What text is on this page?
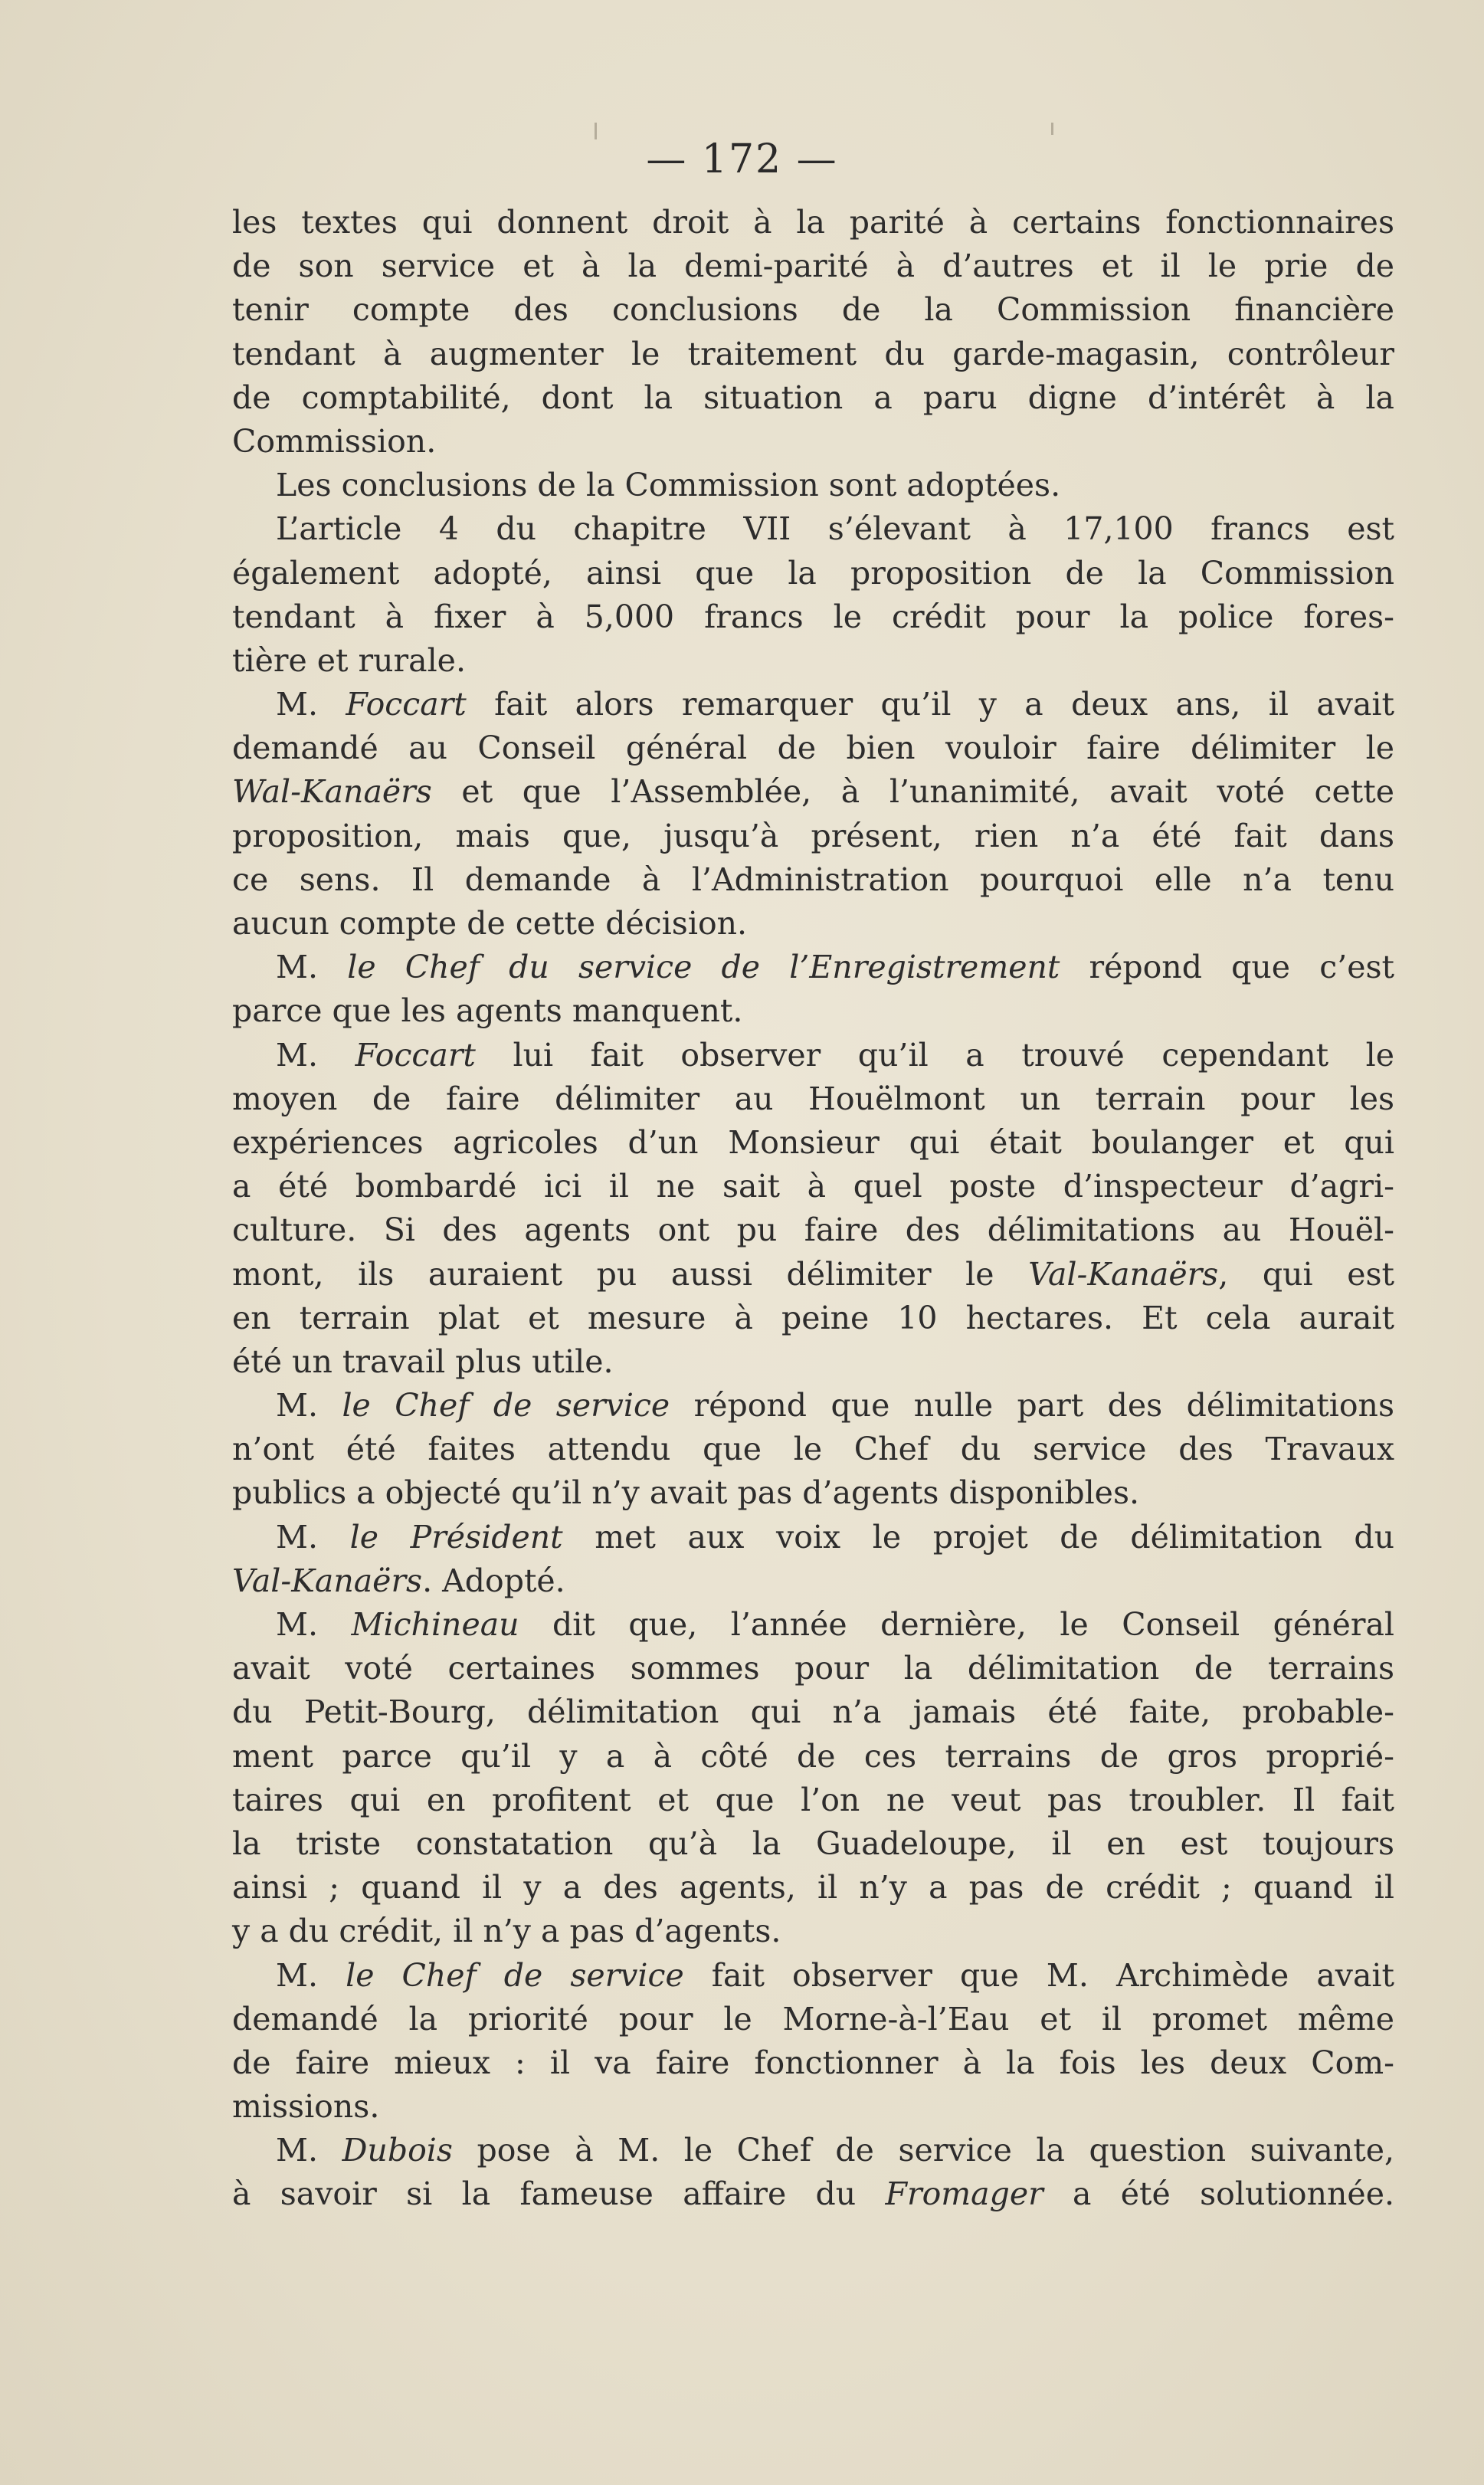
— 172 —
les textes qui donnent droit à la parité à certains fonctionnaires
de son service et à la demi-parité à d’autres et il le prie de
tenir compte des conclusions de la Commission financière
tendant à augmenter le traitement du garde-magasin, contrôleur
de comptabilité, dont la situation a paru digne d’intérêt à la
Commission.
Les conclusions de la Commission sont adoptées.
L’article 4 du chapitre VII s’élevant à 17,100 francs est
également adopté, ainsi que la proposition de la Commission
tendant à fixer à 5,000 francs le crédit pour la police fores-
tière et rurale.
M. Foccart fait alors remarquer qu’il y a deux ans, il avait
demandé au Conseil général de bien vouloir faire délimiter le
Wal-Kanaërs et que l’Assemblée, à l’unanimité, avait voté cette
proposition, mais que, jusqu’à présent, rien n’a été fait dans
ce sens. Il demande à l’Administration pourquoi elle n’a tenu
aucun compte de cette décision.
M. le Chef du service de l’Enregistrement répond que c’est
parce que les agents manquent.
M. Foccart lui fait observer qu’il a trouvé cependant le
moyen de faire délimiter au Houëlmont un terrain pour les
expériences agricoles d’un Monsieur qui était boulanger et qui
a été bombardé ici il ne sait à quel poste d’inspecteur d’agri-
culture. Si des agents ont pu faire des délimitations au Houël-
mont, ils auraient pu aussi délimiter le Val-Kanaërs, qui est
en terrain plat et mesure à peine 10 hectares. Et cela aurait
été un travail plus utile.
M. le Chef de service répond que nulle part des délimitations
n’ont été faites attendu que le Chef du service des Travaux
publics a objecté qu’il n’y avait pas d’agents disponibles.
M. le Président met aux voix le projet de délimitation du
Val-Kanaërs. Adopté.
M. Michineau dit que, l’année dernière, le Conseil général
avait voté certaines sommes pour la délimitation de terrains
du Petit-Bourg, délimitation qui n’a jamais été faite, probable-
ment parce qu’il y a à côté de ces terrains de gros proprié-
taires qui en profitent et que l’on ne veut pas troubler. Il fait
la triste constatation qu’à la Guadeloupe, il en est toujours
ainsi ; quand il y a des agents, il n’y a pas de crédit ; quand il
y a du crédit, il n’y a pas d’agents.
M. le Chef de service fait observer que M. Archimède avait
demandé la priorité pour le Morne-à-l’Eau et il promet même
de faire mieux : il va faire fonctionner à la fois les deux Com-
missions.
M. Dubois pose à M. le Chef de service la question suivante,
à savoir si la fameuse affaire du Fromager a été solutionnée.
